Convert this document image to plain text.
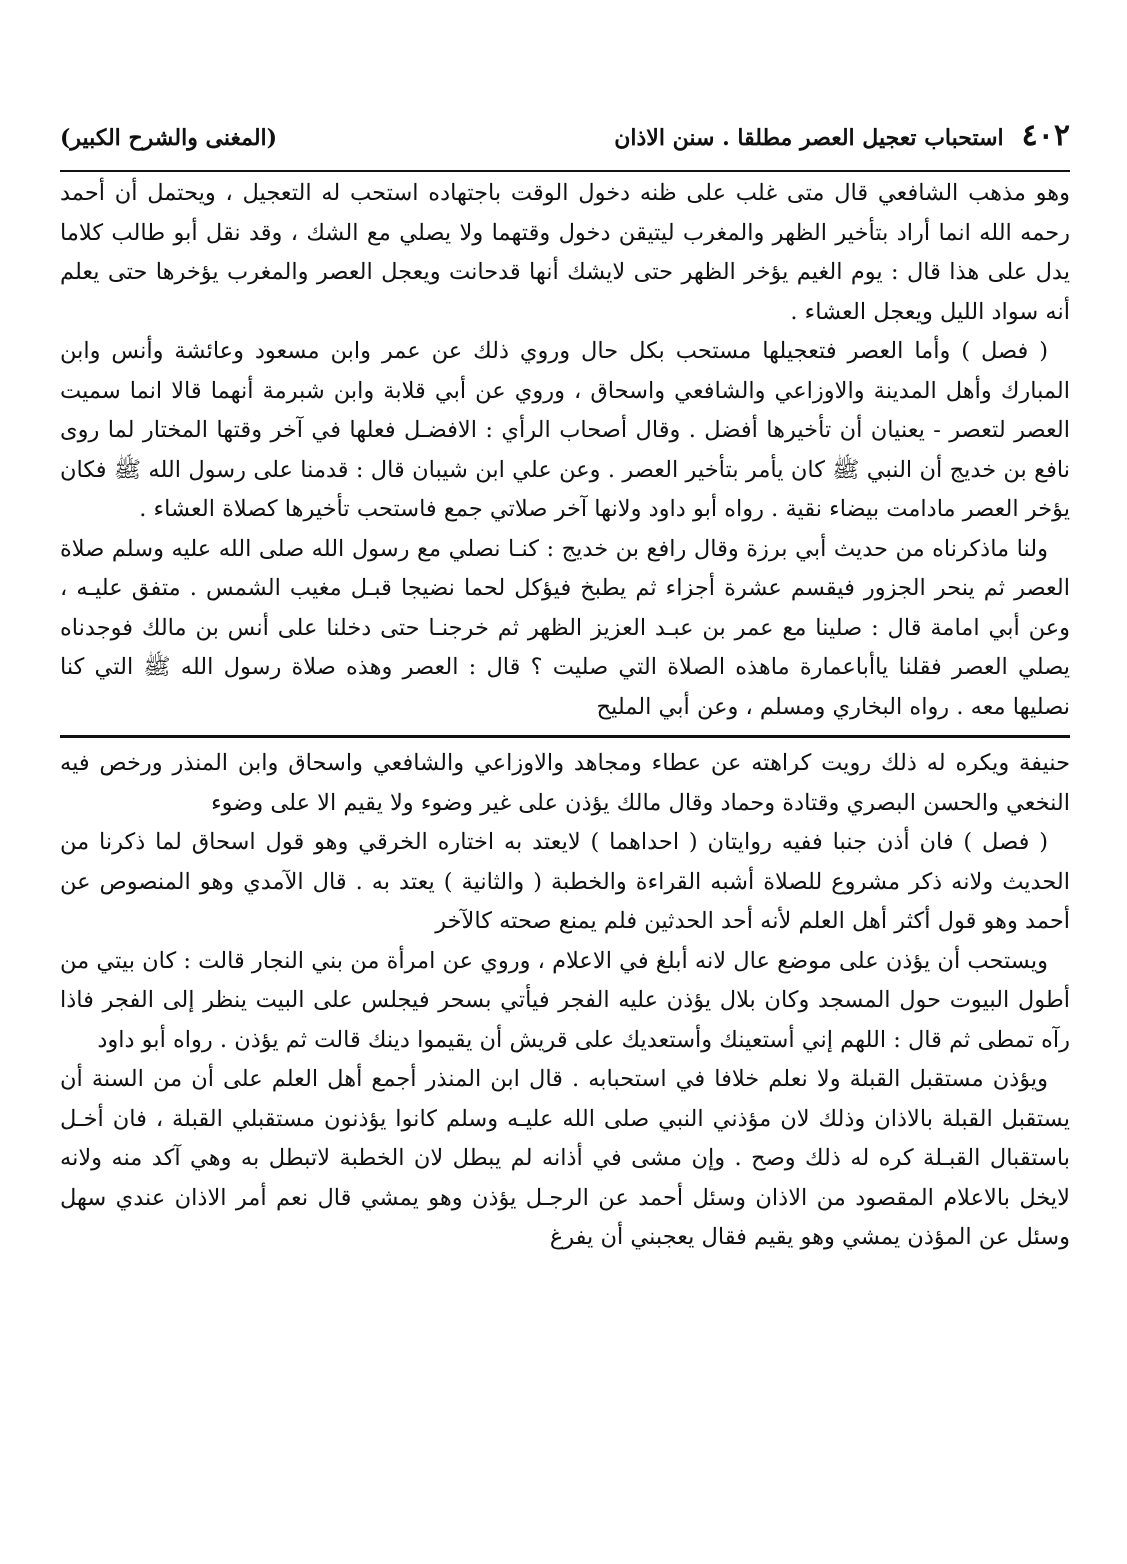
٤٠٢
استحباب تعجيل العصر مطلقا . سنن الاذان
(المغنى والشرح الكبير)

وهو مذهب الشافعي قال متى غلب على ظنه دخول الوقت باجتهاده استحب له التعجيل ، ويحتمل أن أحمد رحمه الله انما أراد بتأخير الظهر والمغرب ليتيقن دخول وقتهما ولا يصلي مع الشك ، وقد نقل أبو طالب كلاما يدل على هذا قال : يوم الغيم يؤخر الظهر حتى لايشك أنها قدحانت ويعجل العصر والمغرب يؤخرها حتى يعلم أنه سواد الليل ويعجل العشاء .

( فصل ) وأما العصر فتعجيلها مستحب بكل حال وروي ذلك عن عمر وابن مسعود وعائشة وأنس وابن المبارك وأهل المدينة والاوزاعي والشافعي واسحاق ، وروي عن أبي قلابة وابن شبرمة أنهما قالا انما سميت العصر لتعصر - يعنيان أن تأخيرها أفضل . وقال أصحاب الرأي : الافضـل فعلها في آخر وقتها المختار لما روى نافع بن خديج أن النبي ﷺ كان يأمر بتأخير العصر . وعن علي ابن شيبان قال : قدمنا على رسول الله ﷺ فكان يؤخر العصر مادامت بيضاء نقية . رواه أبو داود ولانها آخر صلاتي جمع فاستحب تأخيرها كصلاة العشاء .

ولنا ماذكرناه من حديث أبي برزة وقال رافع بن خديج : كنـا نصلي مع رسول الله صلى الله عليه وسلم صلاة العصر ثم ينحر الجزور فيقسم عشرة أجزاء ثم يطبخ فيؤكل لحما نضيجا قبـل مغيب الشمس . متفق عليـه ، وعن أبي امامة قال : صلينا مع عمر بن عبـد العزيز الظهر ثم خرجنـا حتى دخلنا على أنس بن مالك فوجدناه يصلي العصر فقلنا ياأباعمارة ماهذه الصلاة التي صليت ؟ قال : العصر وهذه صلاة رسول الله ﷺ التي كنا نصليها معه . رواه البخاري ومسلم ، وعن أبي المليح

حنيفة ويكره له ذلك رويت كراهته عن عطاء ومجاهد والاوزاعي والشافعي واسحاق وابن المنذر ورخص فيه النخعي والحسن البصري وقتادة وحماد وقال مالك يؤذن على غير وضوء ولا يقيم الا على وضوء

( فصل ) فان أذن جنبا ففيه روايتان ( احداهما ) لايعتد به اختاره الخرقي وهو قول اسحاق لما ذكرنا من الحديث ولانه ذكر مشروع للصلاة أشبه القراءة والخطبة ( والثانية ) يعتد به . قال الآمدي وهو المنصوص عن أحمد وهو قول أكثر أهل العلم لأنه أحد الحدثين فلم يمنع صحته كالآخر

ويستحب أن يؤذن على موضع عال لانه أبلغ في الاعلام ، وروي عن امرأة من بني النجار قالت : كان بيتي من أطول البيوت حول المسجد وكان بلال يؤذن عليه الفجر فيأتي بسحر فيجلس على البيت ينظر إلى الفجر فاذا رآه تمطى ثم قال : اللهم إني أستعينك وأستعديك على قريش أن يقيموا دينك قالت ثم يؤذن . رواه أبو داود

ويؤذن مستقبل القبلة ولا نعلم خلافا في استحبابه . قال ابن المنذر أجمع أهل العلم على أن من السنة أن يستقبل القبلة بالاذان وذلك لان مؤذني النبي صلى الله عليـه وسلم كانوا يؤذنون مستقبلي القبلة ، فان أخـل باستقبال القبـلة كره له ذلك وصح . وإن مشى في أذانه لم يبطل لان الخطبة لاتبطل به وهي آكد منه ولانه لايخل بالاعلام المقصود من الاذان وسئل أحمد عن الرجـل يؤذن وهو يمشي قال نعم أمر الاذان عندي سهل وسئل عن المؤذن يمشي وهو يقيم فقال يعجبني أن يفرغ
